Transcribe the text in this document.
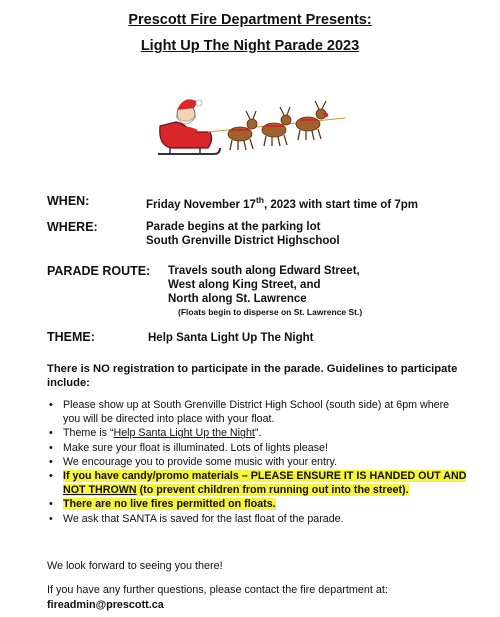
Prescott Fire Department Presents:
Light Up The Night Parade 2023
WHEN:	Friday November 17th, 2023 with start time of 7pm
WHERE:	Parade begins at the parking lot
South Grenville District Highschool
PARADE ROUTE: Travels south along Edward Street,
West along King Street, and
North along St. Lawrence
(Floats begin to disperse on St. Lawrence St.)
THEME:	Help Santa Light Up The Night
There is NO registration to participate in the parade. Guidelines to participate include:
• Please show up at South Grenville District High School (south side) at 6pm where you will be directed into place with your float.
• Theme is “Help Santa Light Up the Night”.
• Make sure your float is illuminated. Lots of lights please!
• We encourage you to provide some music with your entry.
• If you have candy/promo materials – PLEASE ENSURE IT IS HANDED OUT AND NOT THROWN (to prevent children from running out into the street).
• There are no live fires permitted on floats.
• We ask that SANTA is saved for the last float of the parade.
We look forward to seeing you there!
If you have any further questions, please contact the fire department at:
fireadmin@prescott.ca
